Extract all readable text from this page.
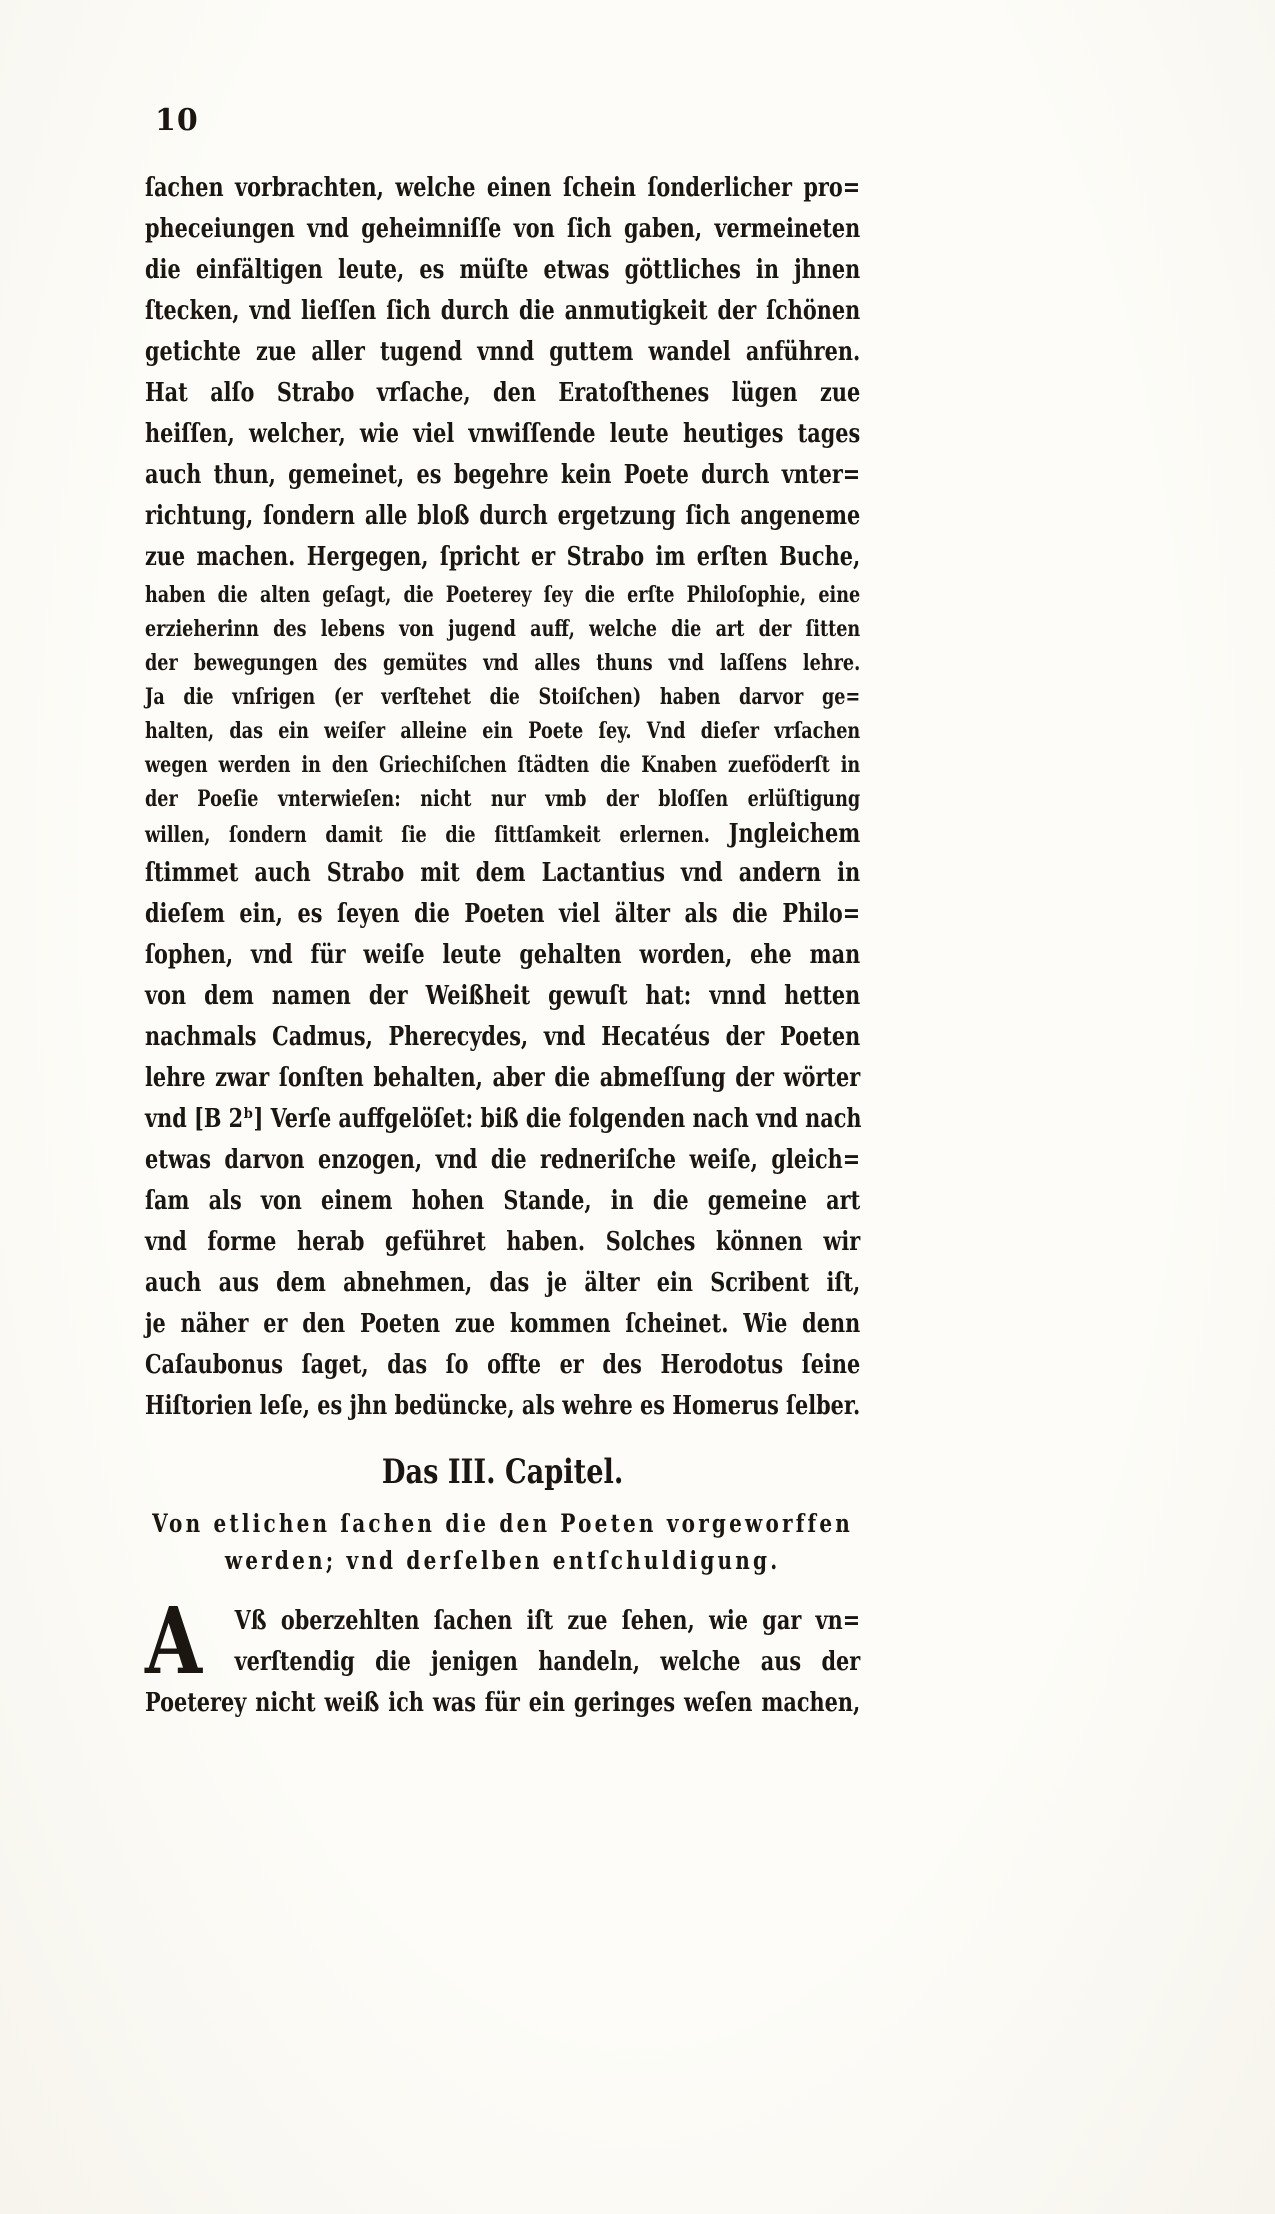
10
ſachen vorbrachten, welche einen ſchein ſonderlicher pro=
pheceiungen vnd geheimniſſe von ſich gaben, vermeineten
die einfältigen leute, es müſte etwas göttliches in jhnen
ſtecken, vnd lieſſen ſich durch die anmutigkeit der ſchönen
getichte zue aller tugend vnnd guttem wandel anführen.
Hat alſo Strabo vrſache, den Eratoſthenes lügen zue
heiſſen, welcher, wie viel vnwiſſende leute heutiges tages
auch thun, gemeinet, es begehre kein Poete durch vnter=
richtung, ſondern alle bloß durch ergetzung ſich angeneme
zue machen. Hergegen, ſpricht er Strabo im erſten Buche,
haben die alten geſagt, die Poeterey ſey die erſte Philoſophie, eine
erzieherinn des lebens von jugend auff, welche die art der ſitten
der bewegungen des gemütes vnd alles thuns vnd laſſens lehre.
Ja die vnſrigen (er verſtehet die Stoiſchen) haben darvor ge=
halten, das ein weiſer alleine ein Poete ſey. Vnd dieſer vrſachen
wegen werden in den Griechiſchen ſtädten die Knaben zueföderſt in
der Poeſie vnterwieſen: nicht nur vmb der bloſſen erlüſtigung
willen, ſondern damit ſie die ſittſamkeit erlernen. Jngleichem
ſtimmet auch Strabo mit dem Lactantius vnd andern in
dieſem ein, es ſeyen die Poeten viel älter als die Philo=
ſophen, vnd für weiſe leute gehalten worden, ehe man
von dem namen der Weißheit gewuſt hat: vnnd hetten
nachmals Cadmus, Pherecydes, vnd Hecatéus der Poeten
lehre zwar ſonſten behalten, aber die abmeſſung der wörter
vnd [B 2ᵇ] Verſe auffgelöſet: biß die folgenden nach vnd nach
etwas darvon enzogen, vnd die redneriſche weiſe, gleich=
ſam als von einem hohen Stande, in die gemeine art
vnd forme herab geführet haben. Solches können wir
auch aus dem abnehmen, das je älter ein Scribent iſt,
je näher er den Poeten zue kommen ſcheinet. Wie denn
Caſaubonus ſaget, das ſo offte er des Herodotus ſeine
Hiſtorien leſe, es jhn bedüncke, als wehre es Homerus ſelber.
Das III. Capitel.
Von etlichen ſachen die den Poeten vorgeworffen
werden; vnd derſelben entſchuldigung.
A	Vß oberzehlten ſachen iſt zue ſehen, wie gar vn=
verſtendig die jenigen handeln, welche aus der
Poeterey nicht weiß ich was für ein geringes weſen machen,
